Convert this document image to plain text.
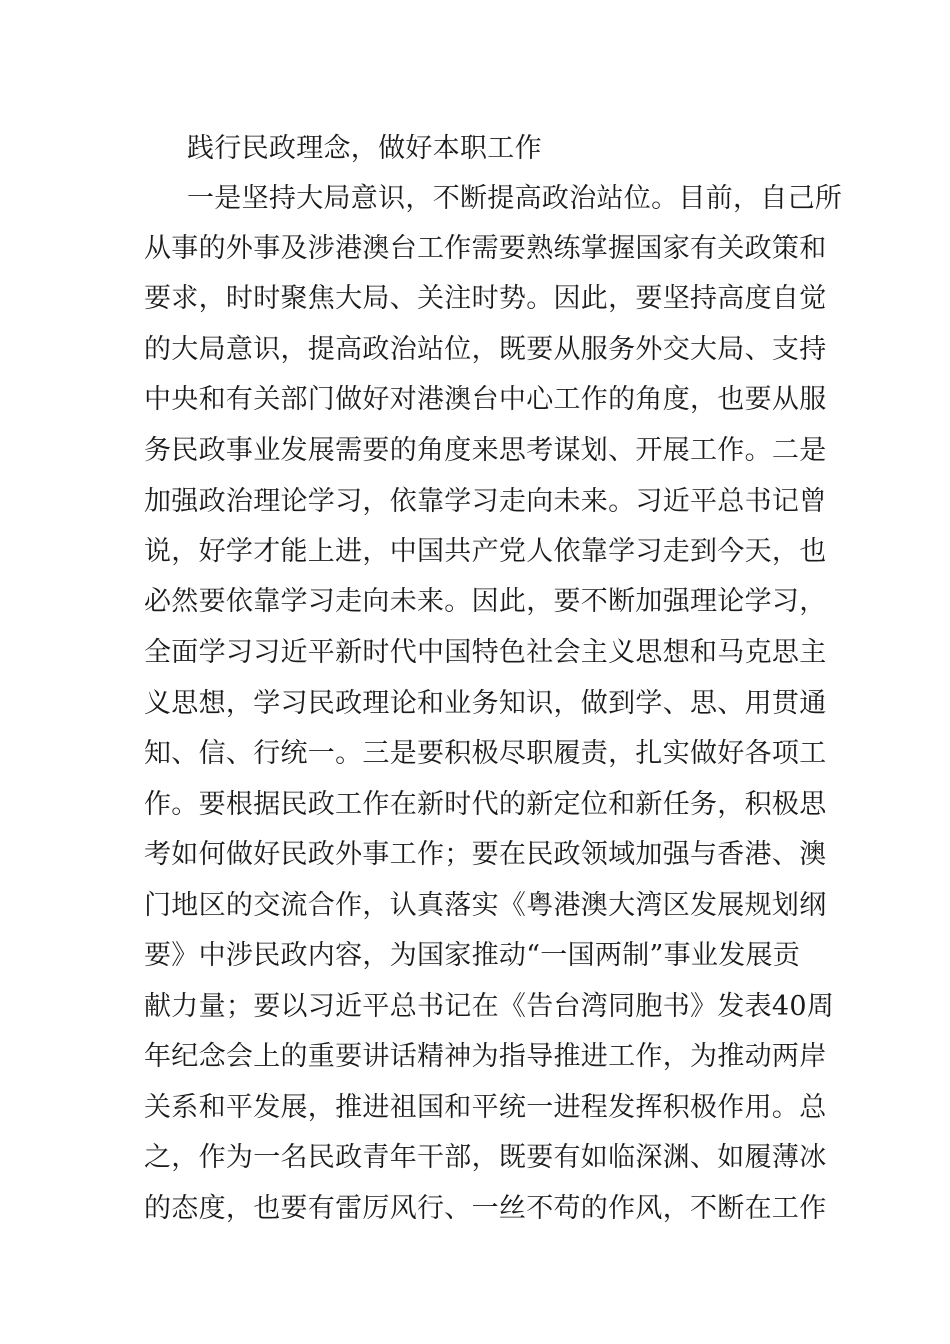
践行民政理念，做好本职工作
一是坚持大局意识，不断提高政治站位。目前，自己所
从事的外事及涉港澳台工作需要熟练掌握国家有关政策和
要求，时时聚焦大局、关注时势。因此，要坚持高度自觉
的大局意识，提高政治站位，既要从服务外交大局、支持
中央和有关部门做好对港澳台中心工作的角度，也要从服
务民政事业发展需要的角度来思考谋划、开展工作。二是
加强政治理论学习，依靠学习走向未来。习近平总书记曾
说，好学才能上进，中国共产党人依靠学习走到今天，也
必然要依靠学习走向未来。因此，要不断加强理论学习，
全面学习习近平新时代中国特色社会主义思想和马克思主
义思想，学习民政理论和业务知识，做到学、思、用贯通
知、信、行统一。三是要积极尽职履责，扎实做好各项工
作。要根据民政工作在新时代的新定位和新任务，积极思
考如何做好民政外事工作；要在民政领域加强与香港、澳
门地区的交流合作，认真落实《粤港澳大湾区发展规划纲
要》中涉民政内容，为国家推动“一国两制”事业发展贡
献力量；要以习近平总书记在《告台湾同胞书》发表40周
年纪念会上的重要讲话精神为指导推进工作，为推动两岸
关系和平发展，推进祖国和平统一进程发挥积极作用。总
之，作为一名民政青年干部，既要有如临深渊、如履薄冰
的态度，也要有雷厉风行、一丝不苟的作风，不断在工作
